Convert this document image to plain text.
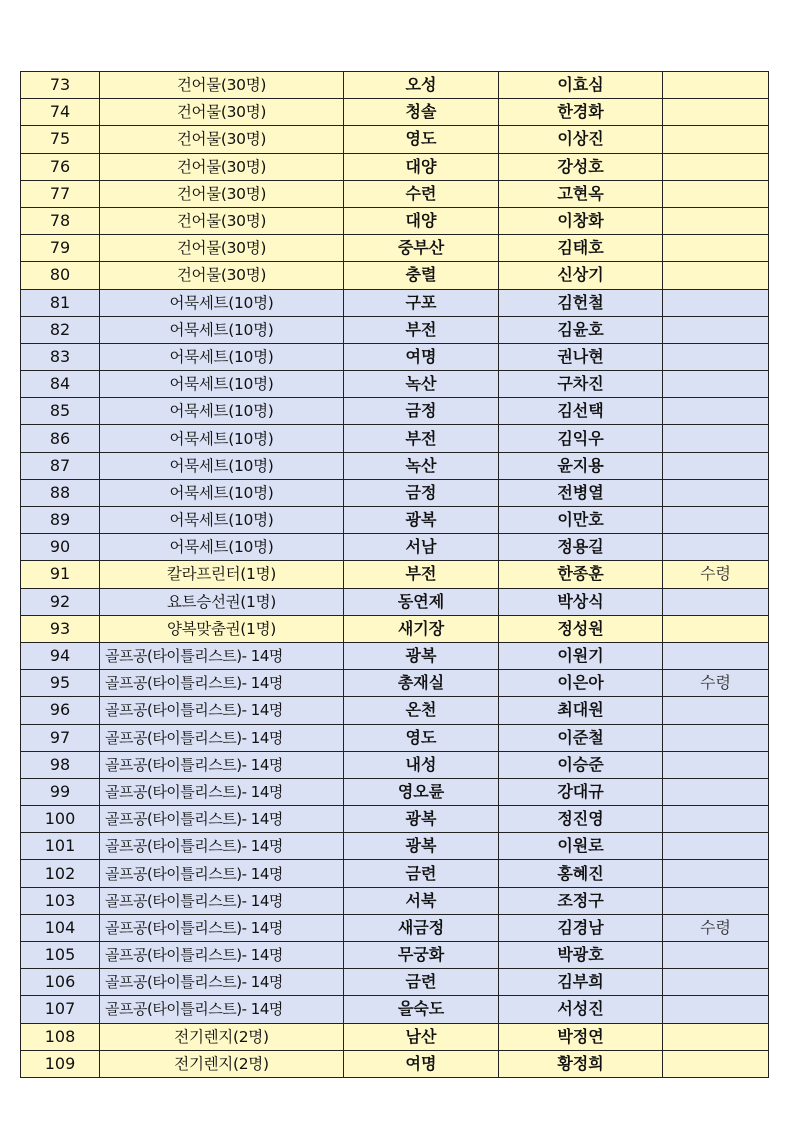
73	건어물(30명)	오성	이효심	
74	건어물(30명)	청솔	한경화	
75	건어물(30명)	영도	이상진	
76	건어물(30명)	대양	강성호	
77	건어물(30명)	수련	고현옥	
78	건어물(30명)	대양	이창화	
79	건어물(30명)	중부산	김태호	
80	건어물(30명)	충렬	신상기	
81	어묵세트(10명)	구포	김헌철	
82	어묵세트(10명)	부전	김윤호	
83	어묵세트(10명)	여명	권나현	
84	어묵세트(10명)	녹산	구차진	
85	어묵세트(10명)	금정	김선택	
86	어묵세트(10명)	부전	김익우	
87	어묵세트(10명)	녹산	윤지용	
88	어묵세트(10명)	금정	전병열	
89	어묵세트(10명)	광복	이만호	
90	어묵세트(10명)	서남	정용길	
91	칼라프린터(1명)	부전	한종훈	수령
92	요트승선권(1명)	동연제	박상식	
93	양복맞춤권(1명)	새기장	정성원	
94	골프공(타이틀리스트)- 14명	광복	이원기	
95	골프공(타이틀리스트)- 14명	총재실	이은아	수령
96	골프공(타이틀리스트)- 14명	온천	최대원	
97	골프공(타이틀리스트)- 14명	영도	이준철	
98	골프공(타이틀리스트)- 14명	내성	이승준	
99	골프공(타이틀리스트)- 14명	영오륜	강대규	
100	골프공(타이틀리스트)- 14명	광복	정진영	
101	골프공(타이틀리스트)- 14명	광복	이원로	
102	골프공(타이틀리스트)- 14명	금련	홍혜진	
103	골프공(타이틀리스트)- 14명	서북	조정구	
104	골프공(타이틀리스트)- 14명	새금정	김경남	수령
105	골프공(타이틀리스트)- 14명	무궁화	박광호	
106	골프공(타이틀리스트)- 14명	금련	김부희	
107	골프공(타이틀리스트)- 14명	을숙도	서성진	
108	전기렌지(2명)	남산	박정연	
109	전기렌지(2명)	여명	황정희	
